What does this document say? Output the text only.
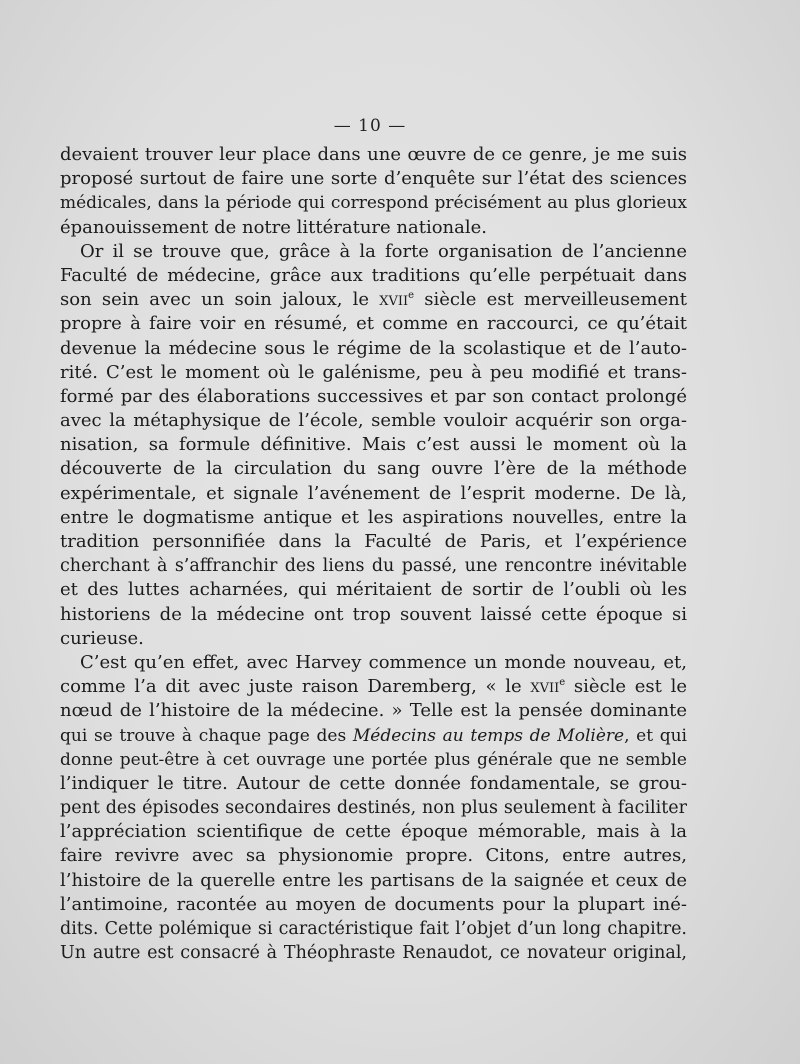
— 10 —
devaient trouver leur place dans une œuvre de ce genre, je me suis
proposé surtout de faire une sorte d’enquête sur l’état des sciences
médicales, dans la période qui correspond précisément au plus glorieux
épanouissement de notre littérature nationale.
Or il se trouve que, grâce à la forte organisation de l’ancienne
Faculté de médecine, grâce aux traditions qu’elle perpétuait dans
son sein avec un soin jaloux, le xvii$^e$ siècle est merveilleusement
propre à faire voir en résumé, et comme en raccourci, ce qu’était
devenue la médecine sous le régime de la scolastique et de l’auto-
rité. C’est le moment où le galénisme, peu à peu modifié et trans-
formé par des élaborations successives et par son contact prolongé
avec la métaphysique de l’école, semble vouloir acquérir son orga-
nisation, sa formule définitive. Mais c’est aussi le moment où la
découverte de la circulation du sang ouvre l’ère de la méthode
expérimentale, et signale l’avénement de l’esprit moderne. De là,
entre le dogmatisme antique et les aspirations nouvelles, entre la
tradition personnifiée dans la Faculté de Paris, et l’expérience
cherchant à s’affranchir des liens du passé, une rencontre inévitable
et des luttes acharnées, qui méritaient de sortir de l’oubli où les
historiens de la médecine ont trop souvent laissé cette époque si
curieuse.
C’est qu’en effet, avec Harvey commence un monde nouveau, et,
comme l’a dit avec juste raison Daremberg, « le xvii$^e$ siècle est le
nœud de l’histoire de la médecine. » Telle est la pensée dominante
qui se trouve à chaque page des Médecins au temps de Molière, et qui
donne peut-être à cet ouvrage une portée plus générale que ne semble
l’indiquer le titre. Autour de cette donnée fondamentale, se grou-
pent des épisodes secondaires destinés, non plus seulement à faciliter
l’appréciation scientifique de cette époque mémorable, mais à la
faire revivre avec sa physionomie propre. Citons, entre autres,
l’histoire de la querelle entre les partisans de la saignée et ceux de
l’antimoine, racontée au moyen de documents pour la plupart iné-
dits. Cette polémique si caractéristique fait l’objet d’un long chapitre.
Un autre est consacré à Théophraste Renaudot, ce novateur original,
